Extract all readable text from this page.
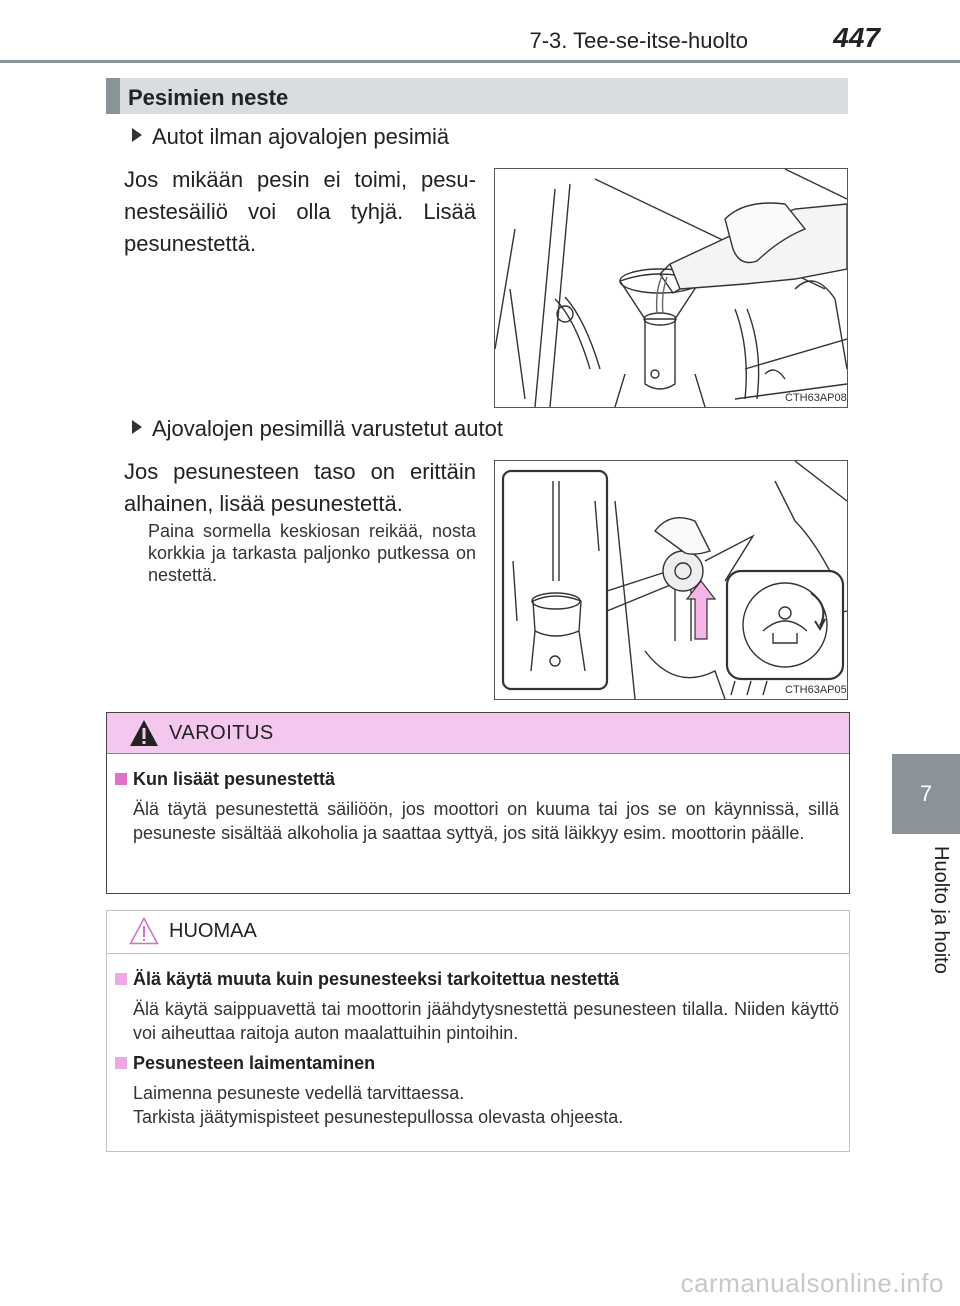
7-3. Tee-se-itse-huolto	447
7
Huolto ja hoito
Pesimien neste
Autot ilman ajovalojen pesimiä
Jos mikään pesin ei toimi, pesunestesäiliö voi olla tyhjä. Lisää pesunestettä.
CTH63AP081
Ajovalojen pesimillä varustetut autot
Jos pesunesteen taso on erittäin alhainen, lisää pesunestettä.
Paina sormella keskiosan reikää, nosta korkkia ja tarkasta paljonko putkessa on nestettä.
CTH63AP052
VAROITUS
Kun lisäät pesunestettä
Älä täytä pesunestettä säiliöön, jos moottori on kuuma tai jos se on käynnissä, sillä pesuneste sisältää alkoholia ja saattaa syttyä, jos sitä läikkyy esim. moottorin päälle.
HUOMAA
Älä käytä muuta kuin pesunesteeksi tarkoitettua nestettä
Älä käytä saippuavettä tai moottorin jäähdytysnestettä pesunesteen tilalla. Niiden käyttö voi aiheuttaa raitoja auton maalattuihin pintoihin.
Pesunesteen laimentaminen
Laimenna pesuneste vedellä tarvittaessa.
Tarkista jäätymispisteet pesunestepullossa olevasta ohjeesta.
carmanualsonline.info
